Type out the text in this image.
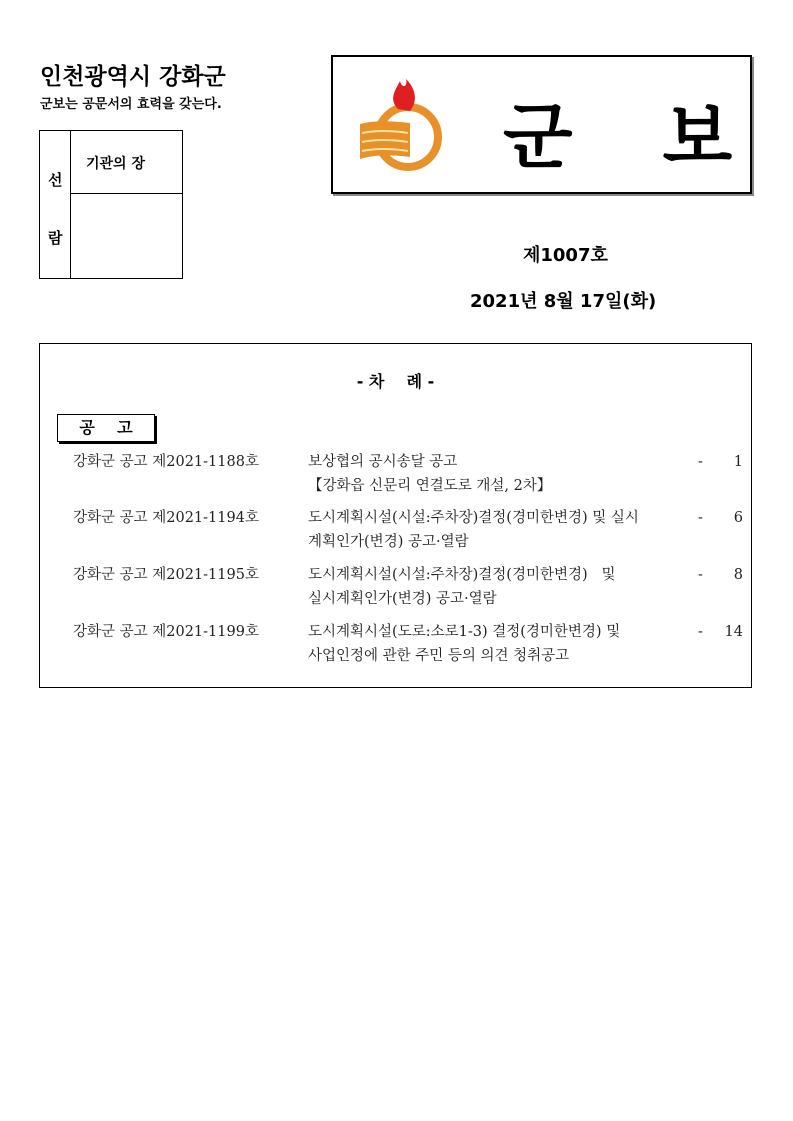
인천광역시 강화군
군보는 공문서의 효력을 갖는다.
선
람
기관의 장	군 보
제1007호
2021년 8월 17일(화)
- 차    례 -
공    고
강화군 공고 제2021-1188호	보상협의 공시송달 공고
【강화읍 신문리 연결도로 개설, 2차】
- 1
강화군 공고 제2021-1194호	도시계획시설(시설:주차장)결정(경미한변경) 및 실시
계획인가(변경) 공고·열람
- 6
강화군 공고 제2021-1195호	도시계획시설(시설:주차장)결정(경미한변경)   및
실시계획인가(변경) 공고·열람
- 8
강화군 공고 제2021-1199호	도시계획시설(도로:소로1-3) 결정(경미한변경) 및
사업인정에 관한 주민 등의 의견 청취공고
- 14
